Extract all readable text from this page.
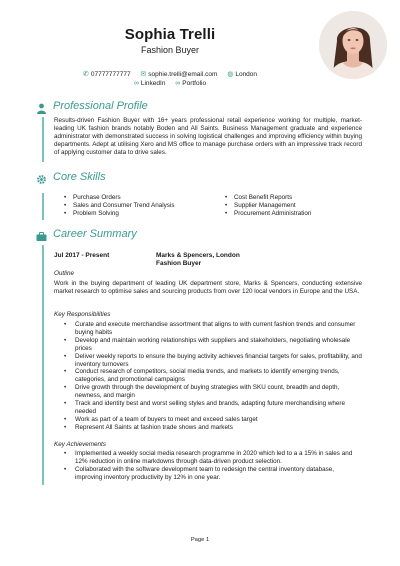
Sophia Trelli
Fashion Buyer
✆ 07777777777 ✉ sophie.trelli@email.com ◍ London
∞ LinkedIn ∞ Portfolio
Professional Profile
Results-driven Fashion Buyer with 16+ years professional retail experience working for multiple, market-leading UK fashion brands notably Boden and All Saints. Business Management graduate and experience administrator with demonstrated success in solving logistical challenges and improving efficiency within buying departments. Adept at utilising Xero and MS office to manage purchase orders with an impressive track record of applying customer data to drive sales.
Core Skills
• Purchase Orders
• Sales and Consumer Trend Analysis
• Problem Solving
• Cost Benefit Reports
• Supplier Management
• Procurement Administration
Career Summary
Jul 2017 - Present	Marks & Spencers, London
Fashion Buyer
Outline
Work in the buying department of leading UK department store, Marks & Spencers, conducting extensive market research to optimise sales and sourcing products from over 120 local vendors in Europe and the USA.
Key Responsibilities
• Curate and execute merchandise assortment that aligns to with current fashion trends and consumer buying habits
• Develop and maintain working relationships with suppliers and stakeholders, negotiating wholesale prices
• Deliver weekly reports to ensure the buying activity achieves financial targets for sales, profitability, and inventory turnovers
• Conduct research of competitors, social media trends, and markets to identify emerging trends, categories, and promotional campaigns
• Drive growth through the development of buying strategies with SKU count, breadth and depth, newness, and margin
• Track and identity best and worst selling styles and brands, adapting future merchandising where needed
• Work as part of a team of buyers to meet and exceed sales target
• Represent All Saints at fashion trade shows and markets
Key Achievements
• Implemented a weekly social media research programme in 2020 which led to a a 15% in sales and 12% reduction in online markdowns through data-driven product selection.
• Collaborated with the software development team to redesign the central inventory database, improving inventory productivity by 12% in one year.
Page 1
